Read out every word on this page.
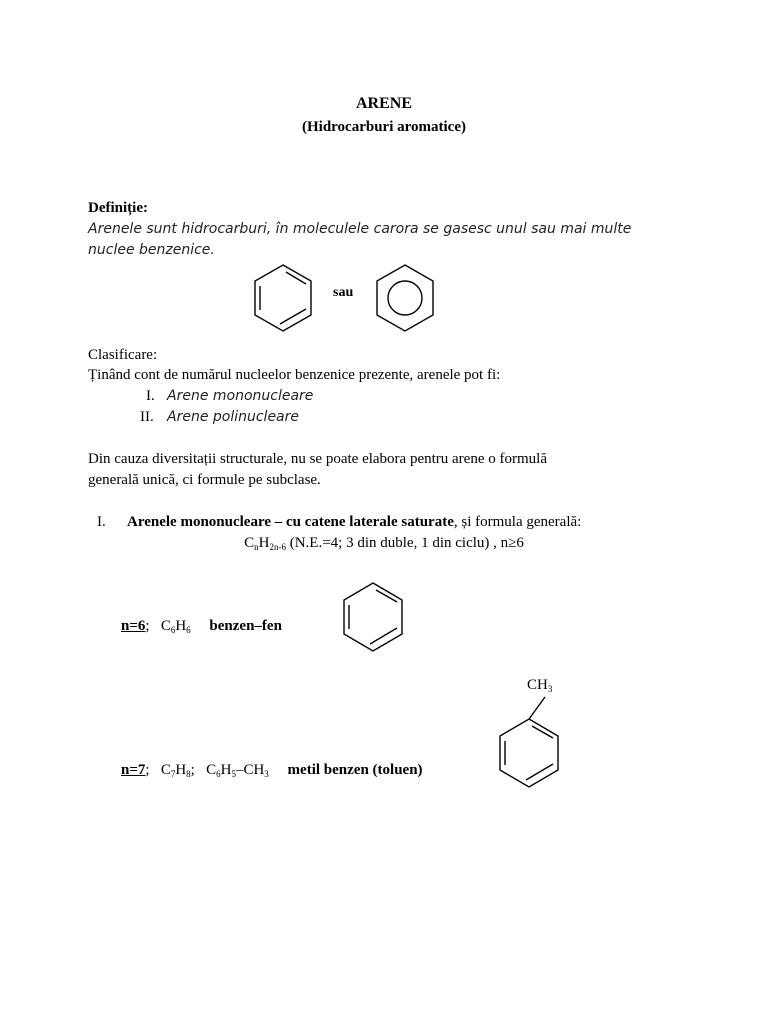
ARENE
(Hidrocarburi aromatice)
Definiție:
Arenele sunt hidrocarburi, în moleculele carora se gasesc unul sau mai multe
nuclee benzenice.
sau
Clasificare:
Ținând cont de numărul nucleelor benzenice prezente, arenele pot fi:
I. Arene mononucleare
II. Arene polinucleare
Din cauza diversitații structurale, nu se poate elabora pentru arene o formulă
generală unică, ci formule pe subclase.
I. Arenele mononucleare – cu catene laterale saturate, și formula generală:
$C_nH_{2n-6}$ (N.E.=4; 3 din duble, 1 din ciclu) , n≥6
n=6;   $C_6H_6$ benzen–fen
$CH_3$
n=7;   $C_7H_8$;   $C_6H_5-CH_3$ metil benzen (toluen)
